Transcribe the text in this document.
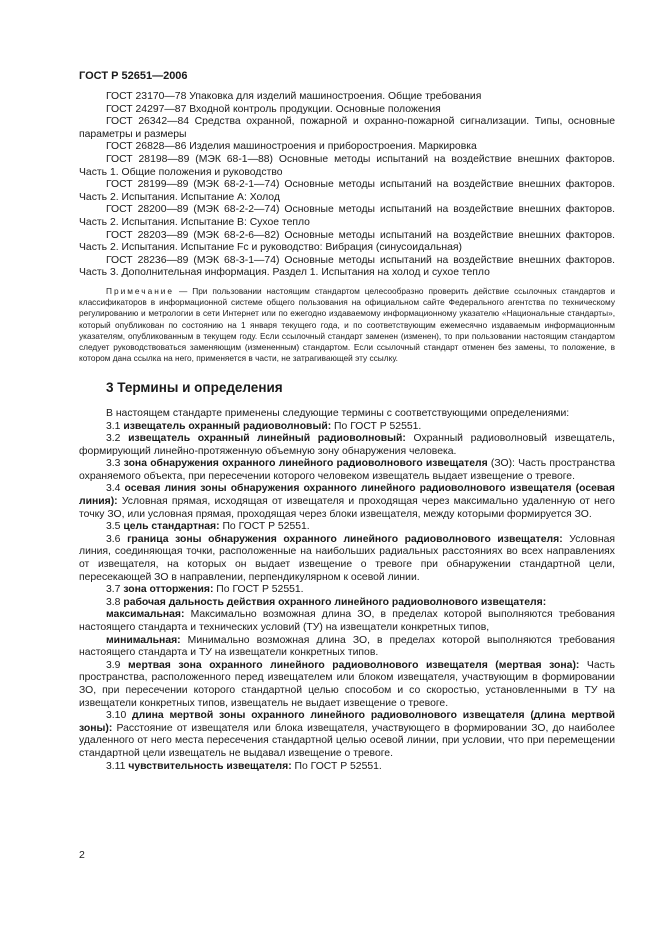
ГОСТ Р 52651—2006

ГОСТ 23170—78 Упаковка для изделий машиностроения. Общие требования

ГОСТ 24297—87 Входной контроль продукции. Основные положения

ГОСТ 26342—84 Средства охранной, пожарной и охранно-пожарной сигнализации. Типы, основные параметры и размеры

ГОСТ 26828—86 Изделия машиностроения и приборостроения. Маркировка

ГОСТ 28198—89 (МЭК 68-1—88) Основные методы испытаний на воздействие внешних факторов. Часть 1. Общие положения и руководство

ГОСТ 28199—89 (МЭК 68-2-1—74) Основные методы испытаний на воздействие внешних факторов. Часть 2. Испытания. Испытание А: Холод

ГОСТ 28200—89 (МЭК 68-2-2—74) Основные методы испытаний на воздействие внешних факторов. Часть 2. Испытания. Испытание В: Сухое тепло

ГОСТ 28203—89 (МЭК 68-2-6—82) Основные методы испытаний на воздействие внешних факторов. Часть 2. Испытания. Испытание Fc и руководство: Вибрация (синусоидальная)

ГОСТ 28236—89 (МЭК 68-3-1—74) Основные методы испытаний на воздействие внешних факторов. Часть 3. Дополнительная информация. Раздел 1. Испытания на холод и сухое тепло

Примечание — При пользовании настоящим стандартом целесообразно проверить действие ссылочных стандартов и классификаторов в информационной системе общего пользования на официальном сайте Федерального агентства по техническому регулированию и метрологии в сети Интернет или по ежегодно издаваемому информационному указателю «Национальные стандарты», который опубликован по состоянию на 1 января текущего года, и по соответствующим ежемесячно издаваемым информационным указателям, опубликованным в текущем году. Если ссылочный стандарт заменен (изменен), то при пользовании настоящим стандартом следует руководствоваться заменяющим (измененным) стандартом. Если ссылочный стандарт отменен без замены, то положение, в котором дана ссылка на него, применяется в части, не затрагивающей эту ссылку.

3 Термины и определения

В настоящем стандарте применены следующие термины с соответствующими определениями:

3.1 извещатель охранный радиоволновый: По ГОСТ Р 52551.

3.2 извещатель охранный линейный радиоволновый: Охранный радиоволновый извещатель, формирующий линейно-протяженную объемную зону обнаружения человека.

3.3 зона обнаружения охранного линейного радиоволнового извещателя (ЗО): Часть пространства охраняемого объекта, при пересечении которого человеком извещатель выдает извещение о тревоге.

3.4 осевая линия зоны обнаружения охранного линейного радиоволнового извещателя (осевая линия): Условная прямая, исходящая от извещателя и проходящая через максимально удаленную от него точку ЗО, или условная прямая, проходящая через блоки извещателя, между которыми формируется ЗО.

3.5 цель стандартная: По ГОСТ Р 52551.

3.6 граница зоны обнаружения охранного линейного радиоволнового извещателя: Условная линия, соединяющая точки, расположенные на наибольших радиальных расстояниях во всех направлениях от извещателя, на которых он выдает извещение о тревоге при обнаружении стандартной цели, пересекающей ЗО в направлении, перпендикулярном к осевой линии.

3.7 зона отторжения: По ГОСТ Р 52551.

3.8 рабочая дальность действия охранного линейного радиоволнового извещателя:

максимальная: Максимально возможная длина ЗО, в пределах которой выполняются требования настоящего стандарта и технических условий (ТУ) на извещатели конкретных типов,

минимальная: Минимально возможная длина ЗО, в пределах которой выполняются требования настоящего стандарта и ТУ на извещатели конкретных типов.

3.9 мертвая зона охранного линейного радиоволнового извещателя (мертвая зона): Часть пространства, расположенного перед извещателем или блоком извещателя, участвующим в формировании ЗО, при пересечении которого стандартной целью способом и со скоростью, установленными в ТУ на извещатели конкретных типов, извещатель не выдает извещение о тревоге.

3.10 длина мертвой зоны охранного линейного радиоволнового извещателя (длина мертвой зоны): Расстояние от извещателя или блока извещателя, участвующего в формировании ЗО, до наиболее удаленного от него места пересечения стандартной целью осевой линии, при условии, что при перемещении стандартной цели извещатель не выдавал извещение о тревоге.

3.11 чувствительность извещателя: По ГОСТ Р 52551.

2
